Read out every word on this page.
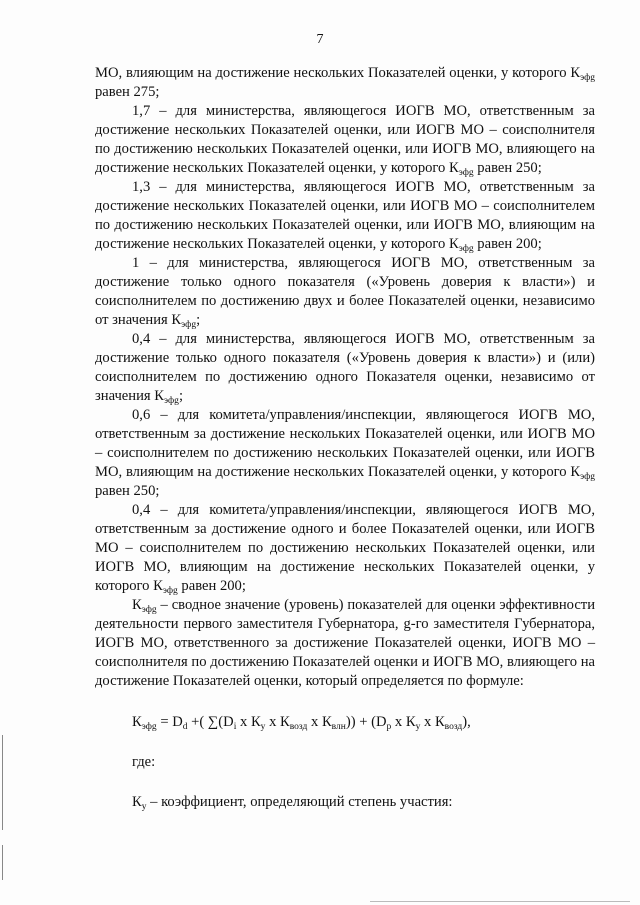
7

МО, влияющим на достижение нескольких Показателей оценки, у которого $К_{эфg}$ равен 275;

1,7 – для министерства, являющегося ИОГВ МО, ответственным за достижение нескольких Показателей оценки, или ИОГВ МО – соисполнителя по достижению нескольких Показателей оценки, или ИОГВ МО, влияющего на достижение нескольких Показателей оценки, у которого $К_{эфg}$ равен 250;

1,3 – для министерства, являющегося ИОГВ МО, ответственным за достижение нескольких Показателей оценки, или ИОГВ МО – соисполнителем по достижению нескольких Показателей оценки, или ИОГВ МО, влияющим на достижение нескольких Показателей оценки, у которого $К_{эфg}$ равен 200;

1 – для министерства, являющегося ИОГВ МО, ответственным за достижение только одного показателя («Уровень доверия к власти») и соисполнителем по достижению двух и более Показателей оценки, независимо от значения $К_{эфg}$;

0,4 – для министерства, являющегося ИОГВ МО, ответственным за достижение только одного показателя («Уровень доверия к власти») и (или) соисполнителем по достижению одного Показателя оценки, независимо от значения $К_{эфg}$;

0,6 – для комитета/управления/инспекции, являющегося ИОГВ МО, ответственным за достижение нескольких Показателей оценки, или ИОГВ МО – соисполнителем по достижению нескольких Показателей оценки, или ИОГВ МО, влияющим на достижение нескольких Показателей оценки, у которого $К_{эфg}$ равен 250;

0,4 – для комитета/управления/инспекции, являющегося ИОГВ МО, ответственным за достижение одного и более Показателей оценки, или ИОГВ МО – соисполнителем по достижению нескольких Показателей оценки, или ИОГВ МО, влияющим на достижение нескольких Показателей оценки, у которого $К_{эфg}$ равен 200;

$К_{эфg}$ – сводное значение (уровень) показателей для оценки эффективности деятельности первого заместителя Губернатора, g-го заместителя Губернатора, ИОГВ МО, ответственного за достижение Показателей оценки, ИОГВ МО – соисполнителя по достижению Показателей оценки и ИОГВ МО, влияющего на достижение Показателей оценки, который определяется по формуле:

$К_{эфg} = D_d$ +( $\sum(D_i$ х $К_у$ х $К_{возд}$ х $К_{влн})) + (D_р$ х $К_у$ х $К_{возд}$),

где:

$К_у$ – коэффициент, определяющий степень участия:
